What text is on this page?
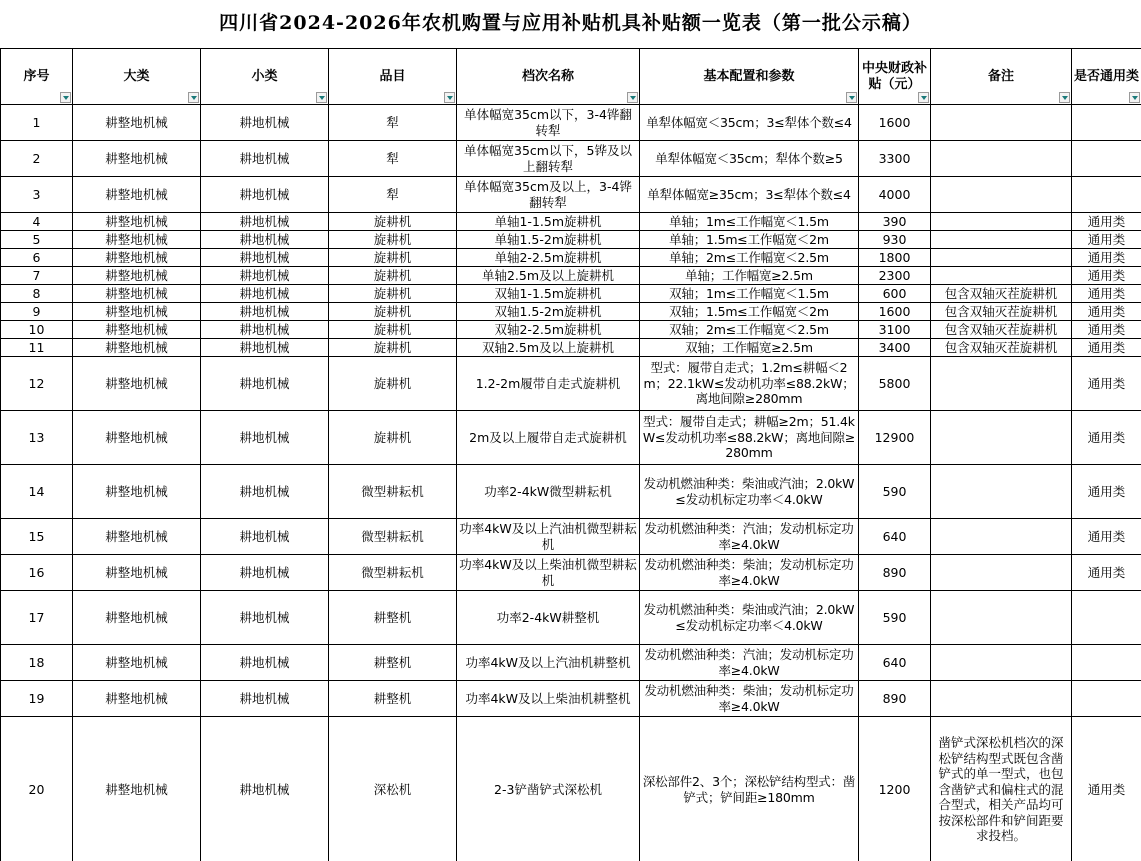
四川省2024-2026年农机购置与应用补贴机具补贴额一览表（第一批公示稿）
序号	大类	小类	品目	档次名称	基本配置和参数	中央财政补贴（元）	备注	是否通用类

1	耕整地机械	耕地机械	犁	单体幅宽35cm以下，3-4铧翻转犁	单犁体幅宽＜35cm；3≤犁体个数≤4	1600		
2	耕整地机械	耕地机械	犁	单体幅宽35cm以下，5铧及以上翻转犁	单犁体幅宽＜35cm；犁体个数≥5	3300		
3	耕整地机械	耕地机械	犁	单体幅宽35cm及以上，3-4铧翻转犁	单犁体幅宽≥35cm；3≤犁体个数≤4	4000		
4	耕整地机械	耕地机械	旋耕机	单轴1-1.5m旋耕机	单轴；1m≤工作幅宽＜1.5m	390		通用类
5	耕整地机械	耕地机械	旋耕机	单轴1.5-2m旋耕机	单轴；1.5m≤工作幅宽＜2m	930		通用类
6	耕整地机械	耕地机械	旋耕机	单轴2-2.5m旋耕机	单轴；2m≤工作幅宽＜2.5m	1800		通用类
7	耕整地机械	耕地机械	旋耕机	单轴2.5m及以上旋耕机	单轴；工作幅宽≥2.5m	2300		通用类
8	耕整地机械	耕地机械	旋耕机	双轴1-1.5m旋耕机	双轴；1m≤工作幅宽＜1.5m	600	包含双轴灭茬旋耕机	通用类
9	耕整地机械	耕地机械	旋耕机	双轴1.5-2m旋耕机	双轴；1.5m≤工作幅宽＜2m	1600	包含双轴灭茬旋耕机	通用类
10	耕整地机械	耕地机械	旋耕机	双轴2-2.5m旋耕机	双轴；2m≤工作幅宽＜2.5m	3100	包含双轴灭茬旋耕机	通用类
11	耕整地机械	耕地机械	旋耕机	双轴2.5m及以上旋耕机	双轴；工作幅宽≥2.5m	3400	包含双轴灭茬旋耕机	通用类
12	耕整地机械	耕地机械	旋耕机	1.2-2m履带自走式旋耕机	型式：履带自走式；1.2m≤耕幅＜2m；22.1kW≤发动机功率≤88.2kW；离地间隙≥280mm	5800		通用类
13	耕整地机械	耕地机械	旋耕机	2m及以上履带自走式旋耕机	型式：履带自走式；耕幅≥2m；51.4kW≤发动机功率≤88.2kW；离地间隙≥280mm	12900		通用类
14	耕整地机械	耕地机械	微型耕耘机	功率2-4kW微型耕耘机	发动机燃油种类：柴油或汽油；2.0kW≤发动机标定功率＜4.0kW	590		通用类
15	耕整地机械	耕地机械	微型耕耘机	功率4kW及以上汽油机微型耕耘机	发动机燃油种类：汽油；发动机标定功率≥4.0kW	640		通用类
16	耕整地机械	耕地机械	微型耕耘机	功率4kW及以上柴油机微型耕耘机	发动机燃油种类：柴油；发动机标定功率≥4.0kW	890		通用类
17	耕整地机械	耕地机械	耕整机	功率2-4kW耕整机	发动机燃油种类：柴油或汽油；2.0kW≤发动机标定功率＜4.0kW	590		
18	耕整地机械	耕地机械	耕整机	功率4kW及以上汽油机耕整机	发动机燃油种类：汽油；发动机标定功率≥4.0kW	640		
19	耕整地机械	耕地机械	耕整机	功率4kW及以上柴油机耕整机	发动机燃油种类：柴油；发动机标定功率≥4.0kW	890		
20	耕整地机械	耕地机械	深松机	2-3铲凿铲式深松机	深松部件2、3个；深松铲结构型式：凿铲式；铲间距≥180mm	1200	凿铲式深松机档次的深松铲结构型式既包含凿铲式的单一型式，也包含凿铲式和偏柱式的混合型式，相关产品均可按深松部件和铲间距要求投档。	通用类
